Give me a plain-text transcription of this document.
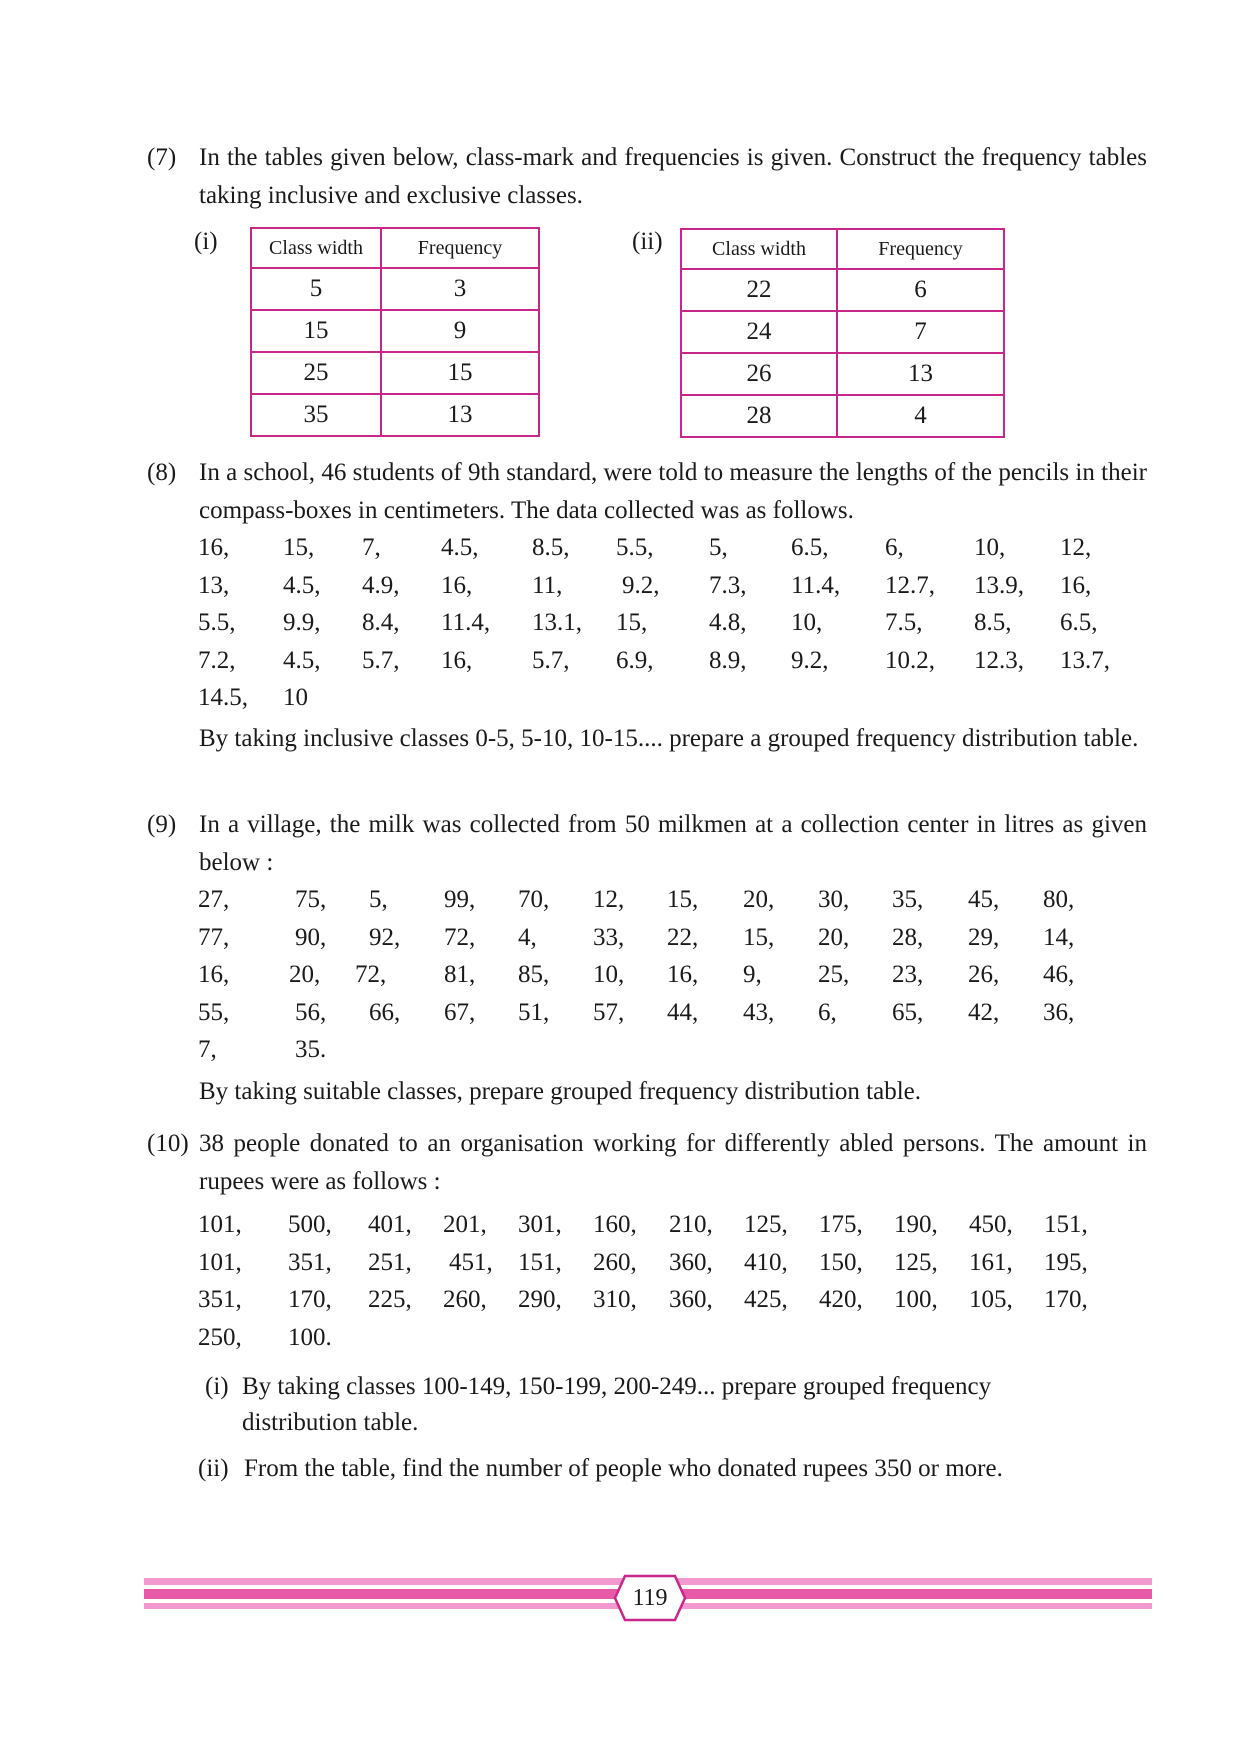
(7) In the tables given below, class-mark and frequencies is given. Construct the frequency tables taking inclusive and exclusive classes.

(i)	Class width	Frequency
5	3
15	9
25	15
35	13
(ii) Class width	Frequency
22	6
24	7
26	13
28	4
(8) In a school, 46 students of 9th standard, were told to measure the lengths of the pencils in their compass-boxes in centimeters. The data collected was as follows.

16, 15, 7, 4.5, 8.5, 5.5, 5,	6.5, 6,	10, 12,
13, 4.5, 4.9, 16, 11, 9.2, 7.3, 11.4, 12.7, 13.9, 16,
5.5, 9.9, 8.4, 11.4, 13.1, 15, 4.8, 10,	7.5, 8.5, 6.5,
7.2, 4.5, 5.7, 16, 5.7, 6.9, 8.9, 9.2, 10.2, 12.3, 13.7,
14.5, 10

By taking inclusive classes 0-5, 5-10, 10-15.... prepare a grouped frequency distribution table.

(9) In a village, the milk was collected from 50 milkmen at a collection center in litres as given below :

27,	75, 5, 99, 70, 12, 15, 20, 30, 35, 45, 80,
77,	90, 92, 72, 4, 33, 22, 15, 20, 28, 29, 14,
16, 20, 72, 81, 85, 10, 16, 9, 25, 23, 26, 46,
55,	56, 66, 67, 51, 57, 44, 43, 6, 65, 42, 36,
7,	35.

By taking suitable classes, prepare grouped frequency distribution table.

(10) 38 people donated to an organisation working for differently abled persons. The amount in rupees were as follows :

101, 500, 401, 201, 301, 160, 210, 125, 175, 190, 450, 151,
101, 351, 251, 451, 151, 260, 360, 410, 150, 125, 161, 195,
351, 170, 225, 260, 290, 310, 360, 425, 420, 100, 105, 170,
250, 100.
(i) By taking classes 100-149, 150-199, 200-249... prepare grouped frequency distribution table.

(ii) From the table, find the number of people who donated rupees 350 or more.

119
